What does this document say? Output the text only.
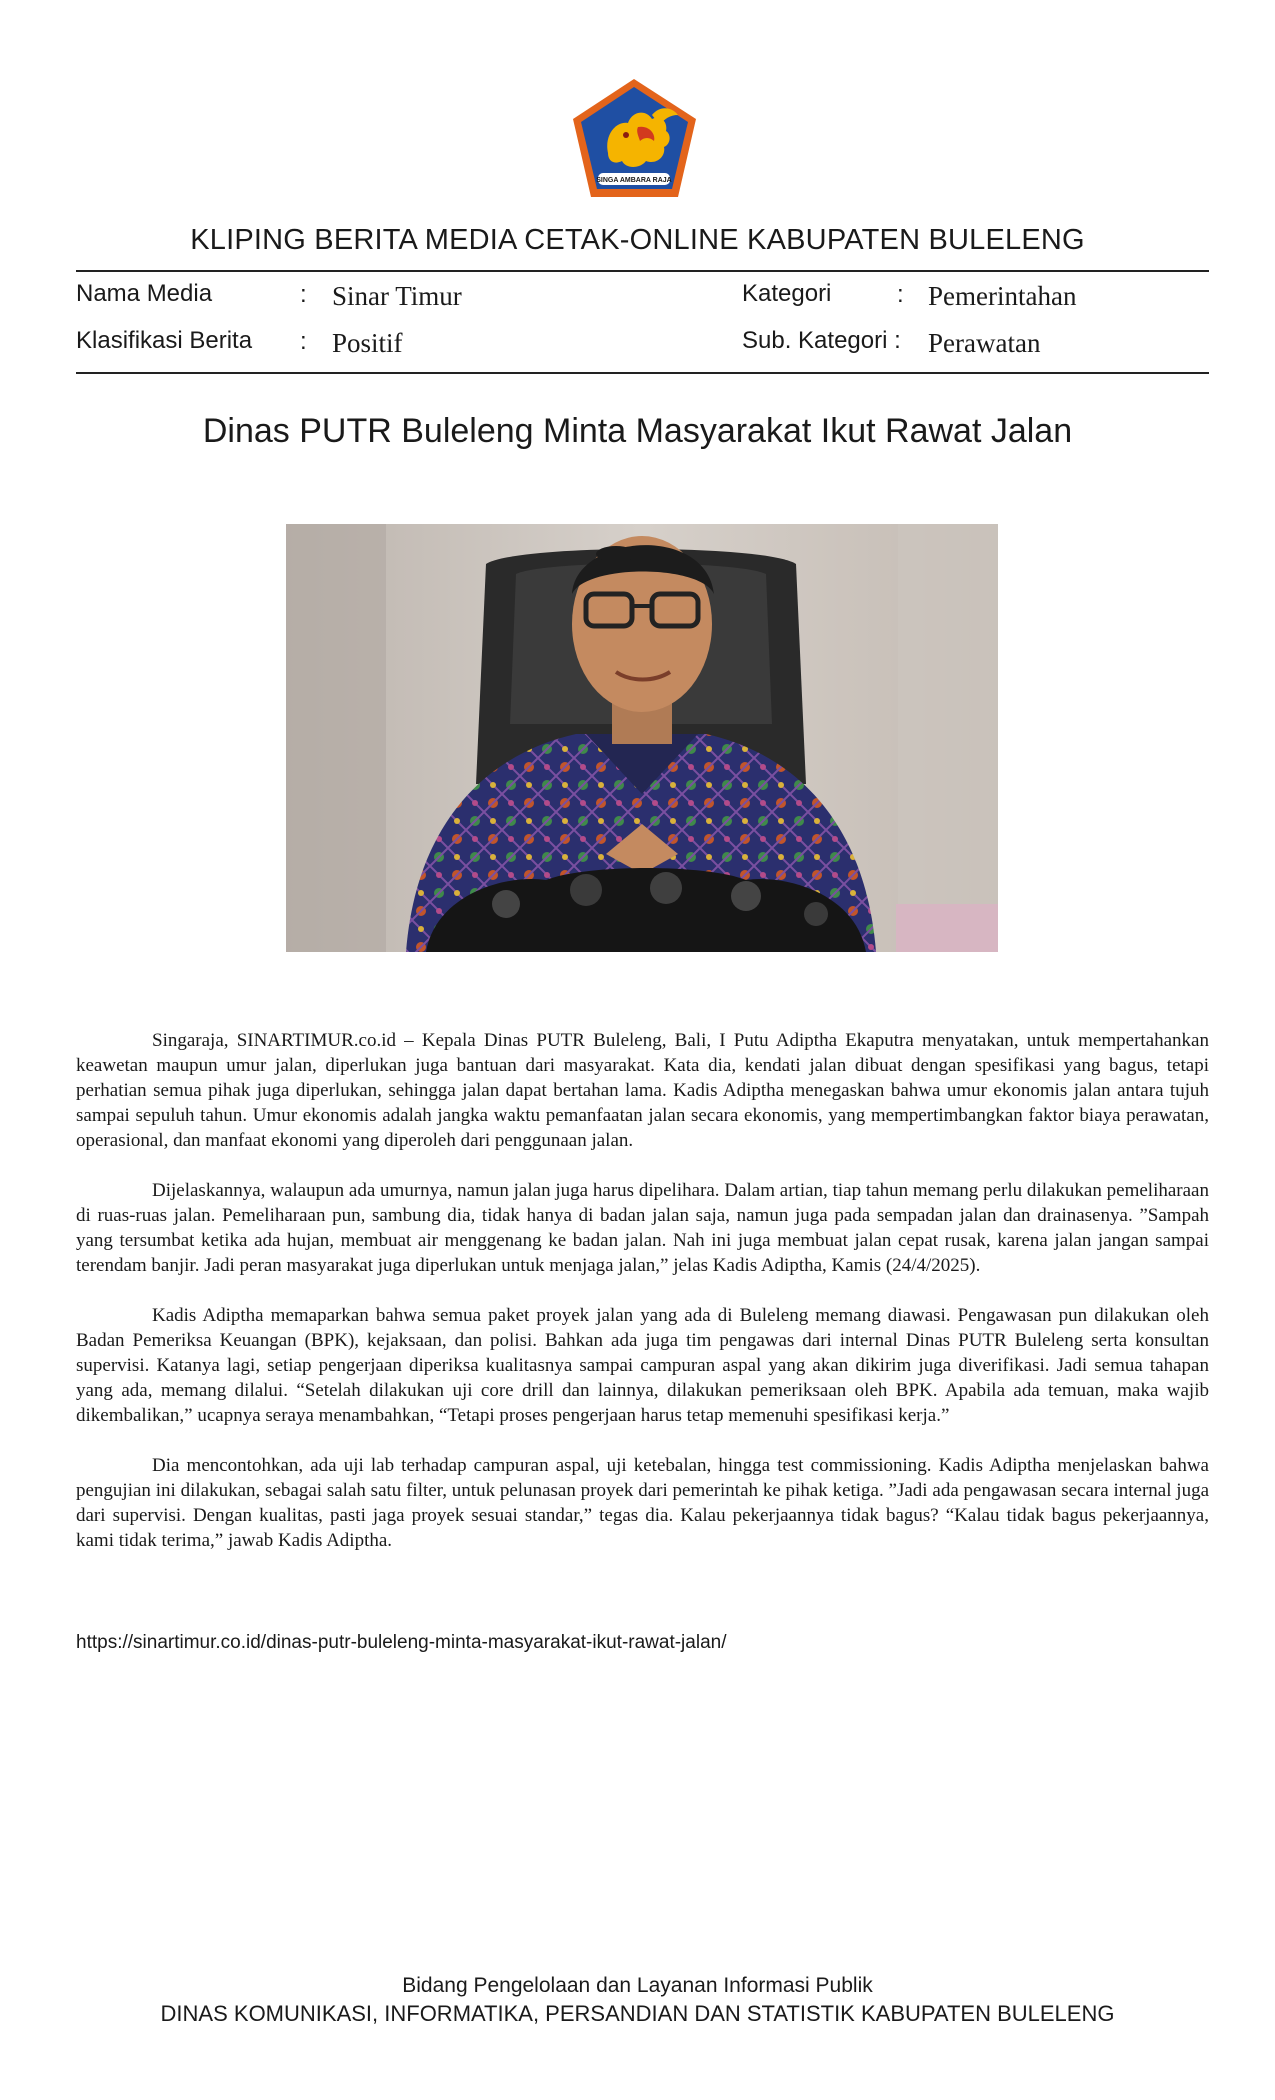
SINGA AMBARA RAJA
KLIPING BERITA MEDIA CETAK-ONLINE KABUPATEN BULELENG
Nama Media	: Sinar Timur	Kategori	: Pemerintahan
Klasifikasi Berita : Positif	Sub. Kategori : Perawatan
Dinas PUTR Buleleng Minta Masyarakat Ikut Rawat Jalan

Singaraja, SINARTIMUR.co.id – Kepala Dinas PUTR Buleleng, Bali, I Putu Adiptha Ekaputra menyatakan, untuk mempertahankan keawetan maupun umur jalan, diperlukan juga bantuan dari masyarakat. Kata dia, kendati jalan dibuat dengan spesifikasi yang bagus, tetapi perhatian semua pihak juga diperlukan, sehingga jalan dapat bertahan lama. Kadis Adiptha menegaskan bahwa umur ekonomis jalan antara tujuh sampai sepuluh tahun. Umur ekonomis adalah jangka waktu pemanfaatan jalan secara ekonomis, yang mempertimbangkan faktor biaya perawatan, operasional, dan manfaat ekonomi yang diperoleh dari penggunaan jalan.

Dijelaskannya, walaupun ada umurnya, namun jalan juga harus dipelihara. Dalam artian, tiap tahun memang perlu dilakukan pemeliharaan di ruas-ruas jalan. Pemeliharaan pun, sambung dia, tidak hanya di badan jalan saja, namun juga pada sempadan jalan dan drainasenya. ”Sampah yang tersumbat ketika ada hujan, membuat air menggenang ke badan jalan. Nah ini juga membuat jalan cepat rusak, karena jalan jangan sampai terendam banjir. Jadi peran masyarakat juga diperlukan untuk menjaga jalan,” jelas Kadis Adiptha, Kamis (24/4/2025).

Kadis Adiptha memaparkan bahwa semua paket proyek jalan yang ada di Buleleng memang diawasi. Pengawasan pun dilakukan oleh Badan Pemeriksa Keuangan (BPK), kejaksaan, dan polisi. Bahkan ada juga tim pengawas dari internal Dinas PUTR Buleleng serta konsultan supervisi. Katanya lagi, setiap pengerjaan diperiksa kualitasnya sampai campuran aspal yang akan dikirim juga diverifikasi. Jadi semua tahapan yang ada, memang dilalui. “Setelah dilakukan uji core drill dan lainnya, dilakukan pemeriksaan oleh BPK. Apabila ada temuan, maka wajib dikembalikan,” ucapnya seraya menambahkan, “Tetapi proses pengerjaan harus tetap memenuhi spesifikasi kerja.”

Dia mencontohkan, ada uji lab terhadap campuran aspal, uji ketebalan, hingga test commissioning. Kadis Adiptha menjelaskan bahwa pengujian ini dilakukan, sebagai salah satu filter, untuk pelunasan proyek dari pemerintah ke pihak ketiga. ”Jadi ada pengawasan secara internal juga dari supervisi. Dengan kualitas, pasti jaga proyek sesuai standar,” tegas dia. Kalau pekerjaannya tidak bagus? “Kalau tidak bagus pekerjaannya, kami tidak terima,” jawab Kadis Adiptha.

https://sinartimur.co.id/dinas-putr-buleleng-minta-masyarakat-ikut-rawat-jalan/
Bidang Pengelolaan dan Layanan Informasi Publik
DINAS KOMUNIKASI, INFORMATIKA, PERSANDIAN DAN STATISTIK KABUPATEN BULELENG
